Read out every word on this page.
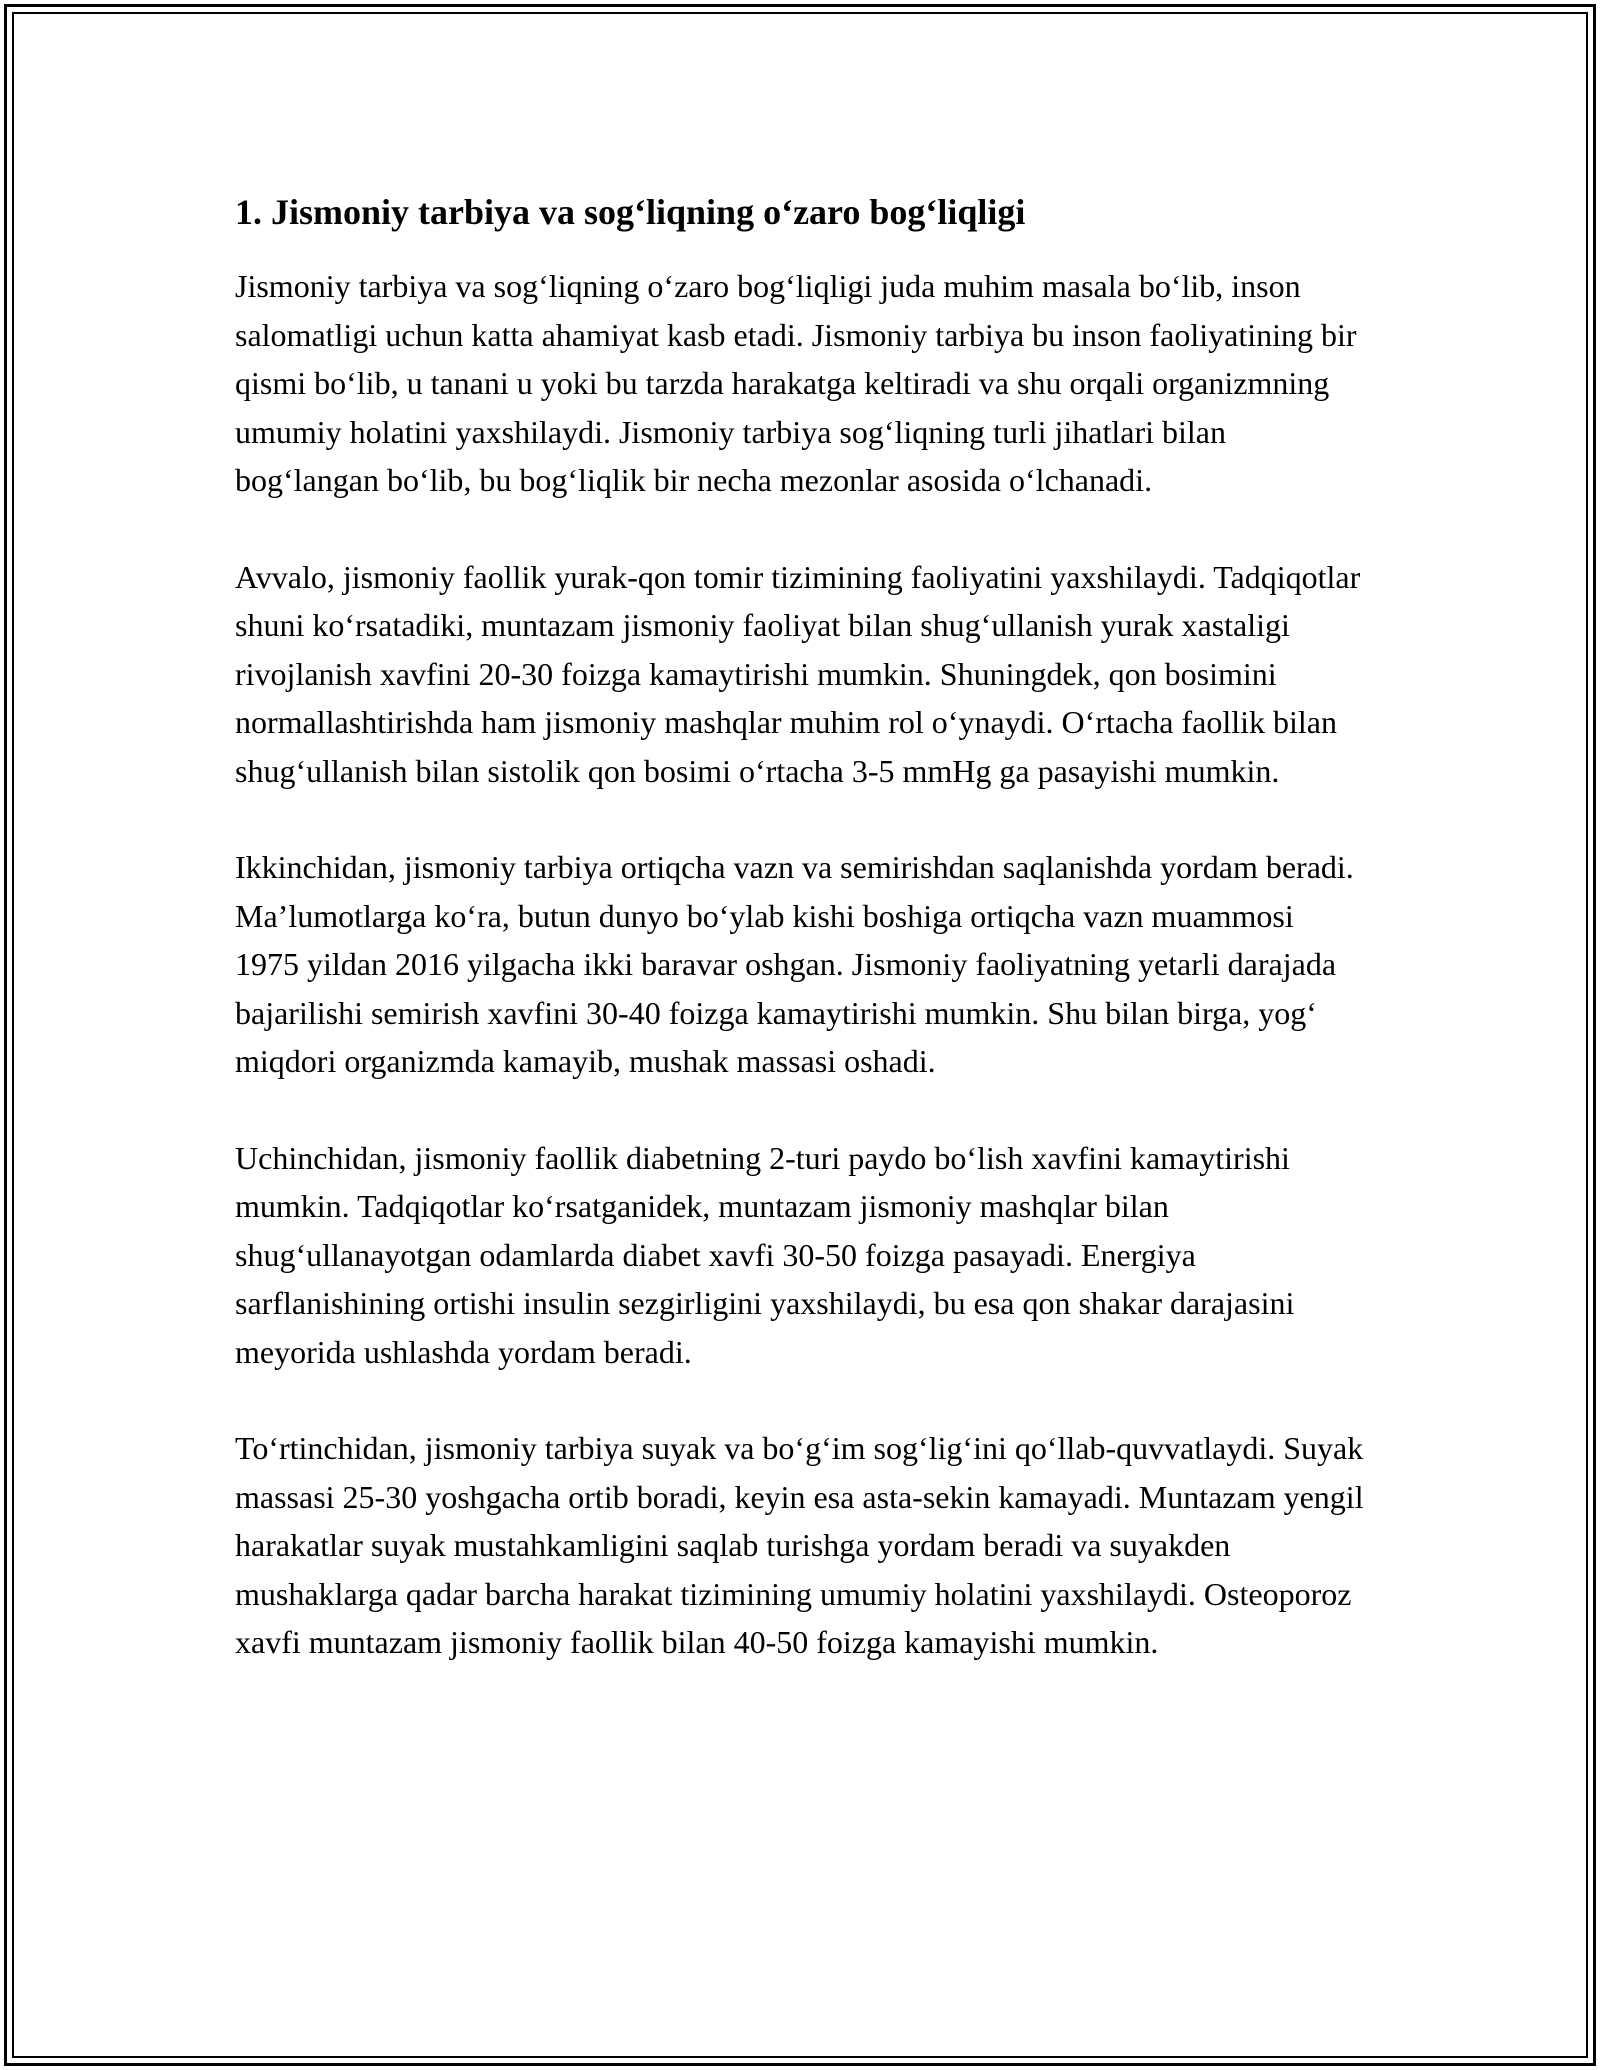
1. Jismoniy tarbiya va sog‘liqning o‘zaro bog‘liqligi

Jismoniy tarbiya va sog‘liqning o‘zaro bog‘liqligi juda muhim masala bo‘lib, inson salomatligi uchun katta ahamiyat kasb etadi. Jismoniy tarbiya bu inson faoliyatining bir qismi bo‘lib, u tanani u yoki bu tarzda harakatga keltiradi va shu orqali organizmning umumiy holatini yaxshilaydi. Jismoniy tarbiya sog‘liqning turli jihatlari bilan bog‘langan bo‘lib, bu bog‘liqlik bir necha mezonlar asosida o‘lchanadi.

Avvalo, jismoniy faollik yurak-qon tomir tizimining faoliyatini yaxshilaydi. Tadqiqotlar shuni ko‘rsatadiki, muntazam jismoniy faoliyat bilan shug‘ullanish yurak xastaligi rivojlanish xavfini 20-30 foizga kamaytirishi mumkin. Shuningdek, qon bosimini normallashtirishda ham jismoniy mashqlar muhim rol o‘ynaydi. O‘rtacha faollik bilan shug‘ullanish bilan sistolik qon bosimi o‘rtacha 3-5 mmHg ga pasayishi mumkin.

Ikkinchidan, jismoniy tarbiya ortiqcha vazn va semirishdan saqlanishda yordam beradi. Ma’lumotlarga ko‘ra, butun dunyo bo‘ylab kishi boshiga ortiqcha vazn muammosi 1975 yildan 2016 yilgacha ikki baravar oshgan. Jismoniy faoliyatning yetarli darajada bajarilishi semirish xavfini 30-40 foizga kamaytirishi mumkin. Shu bilan birga, yog‘ miqdori organizmda kamayib, mushak massasi oshadi.

Uchinchidan, jismoniy faollik diabetning 2-turi paydo bo‘lish xavfini kamaytirishi mumkin. Tadqiqotlar ko‘rsatganidek, muntazam jismoniy mashqlar bilan shug‘ullanayotgan odamlarda diabet xavfi 30-50 foizga pasayadi. Energiya sarflanishining ortishi insulin sezgirligini yaxshilaydi, bu esa qon shakar darajasini meyorida ushlashda yordam beradi.

To‘rtinchidan, jismoniy tarbiya suyak va bo‘g‘im sog‘lig‘ini qo‘llab-quvvatlaydi. Suyak massasi 25-30 yoshgacha ortib boradi, keyin esa asta-sekin kamayadi. Muntazam yengil harakatlar suyak mustahkamligini saqlab turishga yordam beradi va suyakden mushaklarga qadar barcha harakat tizimining umumiy holatini yaxshilaydi. Osteoporoz xavfi muntazam jismoniy faollik bilan 40-50 foizga kamayishi mumkin.
